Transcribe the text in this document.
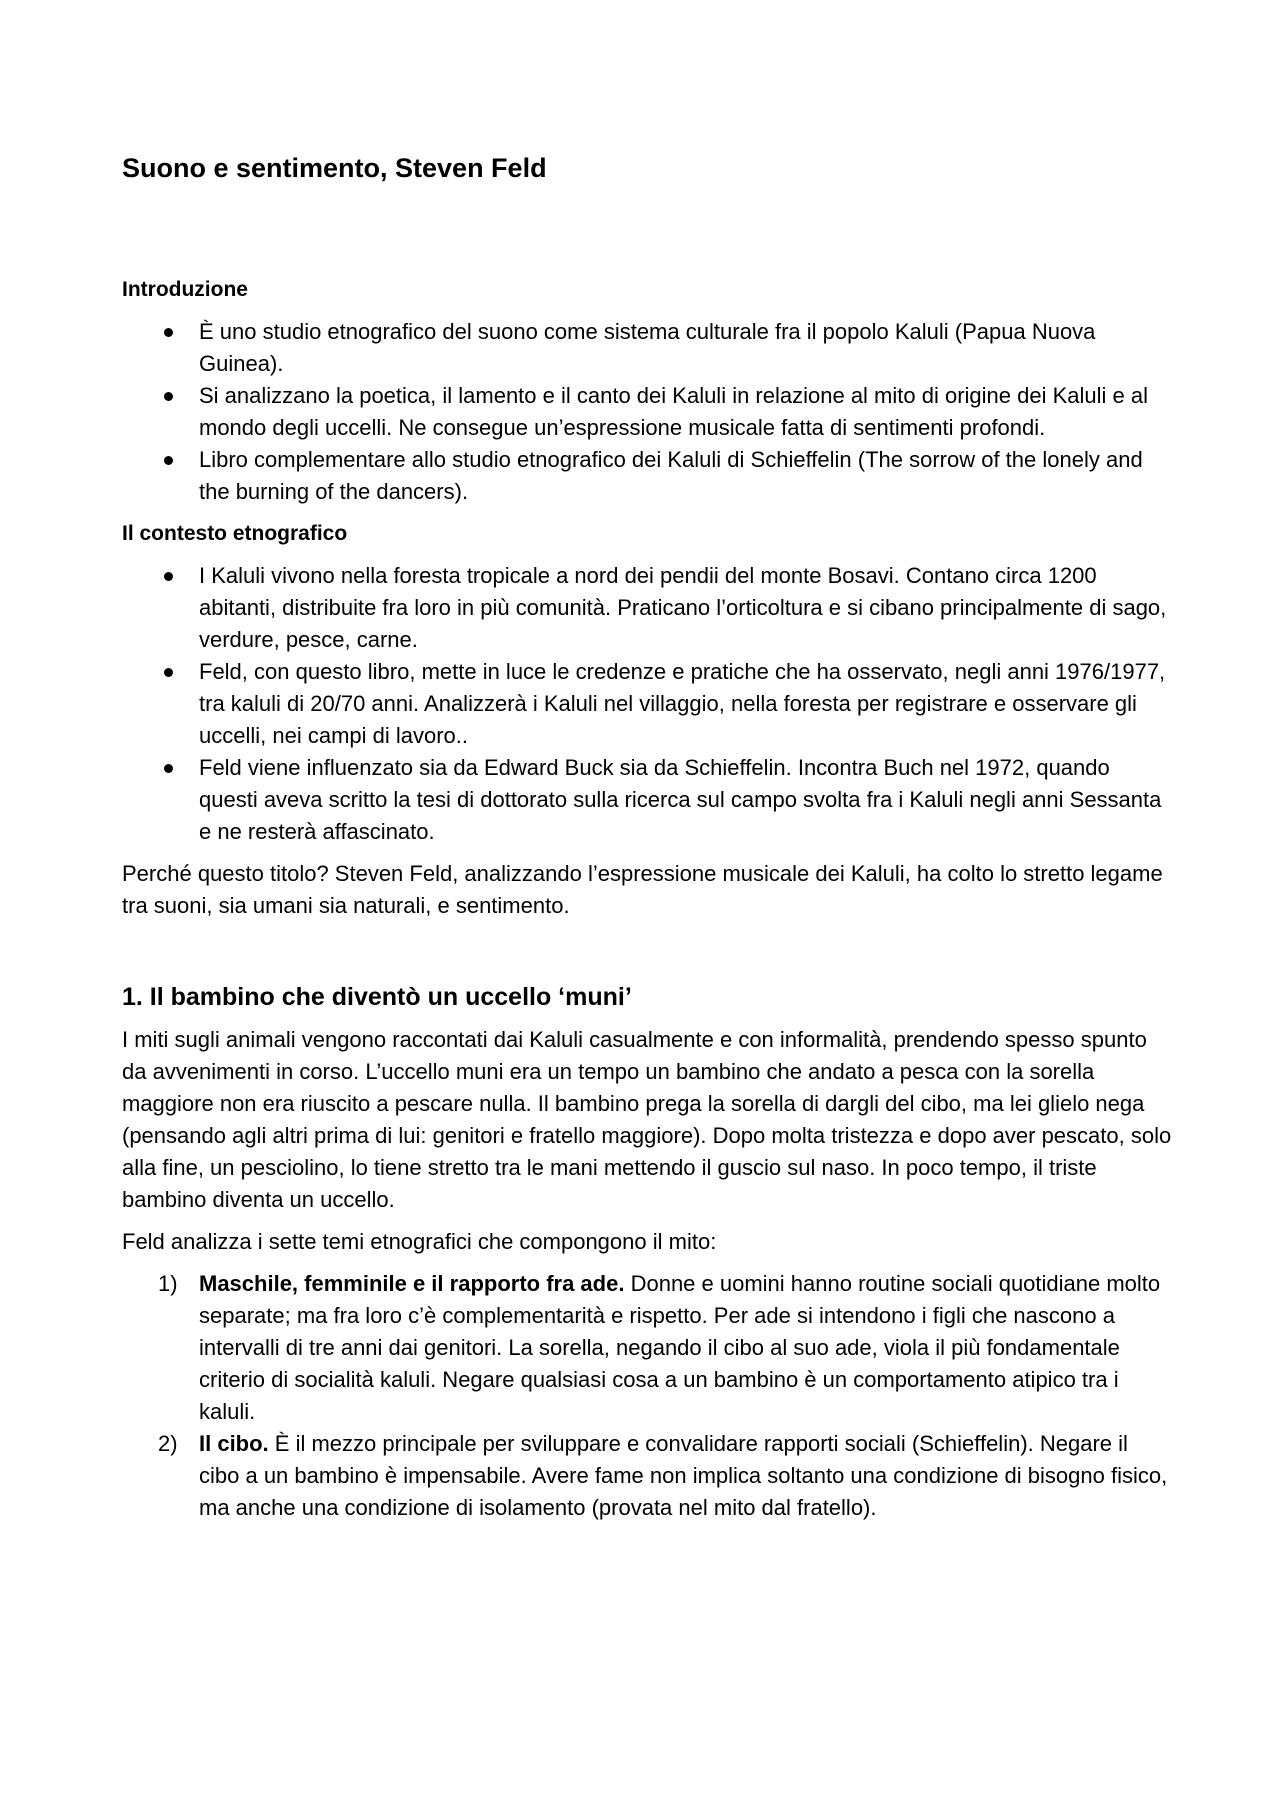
Suono e sentimento, Steven Feld
Introduzione
È uno studio etnografico del suono come sistema culturale fra il popolo Kaluli (Papua Nuova Guinea).
Si analizzano la poetica, il lamento e il canto dei Kaluli in relazione al mito di origine dei Kaluli e al mondo degli uccelli. Ne consegue un’espressione musicale fatta di sentimenti profondi.
Libro complementare allo studio etnografico dei Kaluli di Schieffelin (The sorrow of the lonely and the burning of the dancers).
Il contesto etnografico
I Kaluli vivono nella foresta tropicale a nord dei pendii del monte Bosavi. Contano circa 1200 abitanti, distribuite fra loro in più comunità. Praticano l’orticoltura e si cibano principalmente di sago, verdure, pesce, carne.
Feld, con questo libro, mette in luce le credenze e pratiche che ha osservato, negli anni 1976/1977, tra kaluli di 20/70 anni. Analizzerà i Kaluli nel villaggio, nella foresta per registrare e osservare gli uccelli, nei campi di lavoro..
Feld viene influenzato sia da Edward Buck sia da Schieffelin. Incontra Buch nel 1972, quando questi aveva scritto la tesi di dottorato sulla ricerca sul campo svolta fra i Kaluli negli anni Sessanta e ne resterà affascinato.

Perché questo titolo? Steven Feld, analizzando l’espressione musicale dei Kaluli, ha colto lo stretto legame tra suoni, sia umani sia naturali, e sentimento.

1. Il bambino che diventò un uccello ‘muni’

I miti sugli animali vengono raccontati dai Kaluli casualmente e con informalità, prendendo spesso spunto da avvenimenti in corso. L’uccello muni era un tempo un bambino che andato a pesca con la sorella maggiore non era riuscito a pescare nulla. Il bambino prega la sorella di dargli del cibo, ma lei glielo nega (pensando agli altri prima di lui: genitori e fratello maggiore). Dopo molta tristezza e dopo aver pescato, solo alla fine, un pesciolino, lo tiene stretto tra le mani mettendo il guscio sul naso. In poco tempo, il triste bambino diventa un uccello.

Feld analizza i sette temi etnografici che compongono il mito:

1) Maschile, femminile e il rapporto fra ade. Donne e uomini hanno routine sociali quotidiane molto separate; ma fra loro c’è complementarità e rispetto. Per ade si intendono i figli che nascono a intervalli di tre anni dai genitori. La sorella, negando il cibo al suo ade, viola il più fondamentale criterio di socialità kaluli. Negare qualsiasi cosa a un bambino è un comportamento atipico tra i kaluli.
2) Il cibo. È il mezzo principale per sviluppare e convalidare rapporti sociali (Schieffelin). Negare il cibo a un bambino è impensabile. Avere fame non implica soltanto una condizione di bisogno fisico, ma anche una condizione di isolamento (provata nel mito dal fratello).
